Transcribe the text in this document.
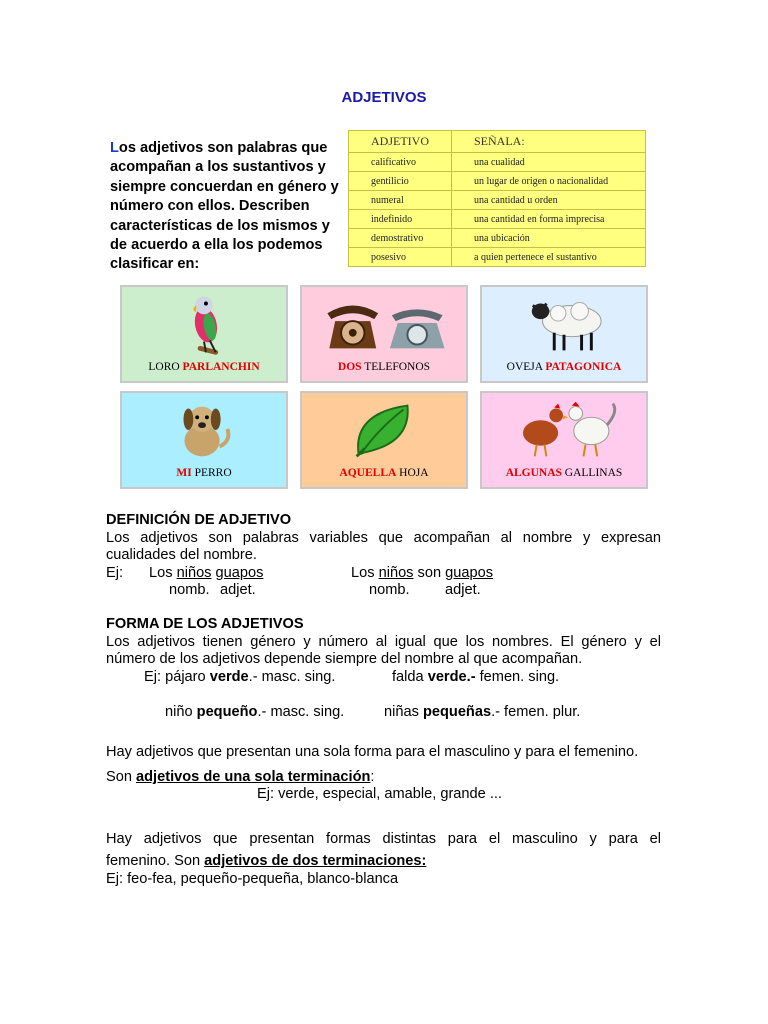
ADJETIVOS
Los adjetivos son palabras que acompañan a los sustantivos y siempre concuerdan en género y número con ellos. Describen características de los mismos y de acuerdo a ella los podemos clasificar en:
ADJETIVO	SEÑALA:
calificativo	una cualidad
gentilicio	un lugar de origen o nacionalidad
numeral	una cantidad u orden
indefinido	una cantidad en forma imprecisa
demostrativo	una ubicación
posesivo	a quien pertenece el sustantivo
LORO PARLANCHIN	DOS TELEFONOS	OVEJA PATAGONICA
MI PERRO	AQUELLA HOJA	ALGUNAS GALLINAS
DEFINICIÓN DE ADJETIVO
Los adjetivos son palabras variables que acompañan al nombre y expresan
cualidades del nombre.
Ej: Los niños guapos	Los niños son guapos
nomb. adjet.	nomb. adjet.
FORMA DE LOS ADJETIVOS
Los adjetivos tienen género y número al igual que los nombres. El género y el
número de los adjetivos depende siempre del nombre al que acompañan.
Ej: pájaro verde.- masc. sing.	falda verde.- femen. sing.
niño pequeño.- masc. sing.	niñas pequeñas.- femen. plur.
Hay adjetivos que presentan una sola forma para el masculino y para el femenino.
Son adjetivos de una sola terminación:
Ej: verde, especial, amable, grande ...
Hay adjetivos que presentan formas distintas para el masculino y para el
femenino. Son adjetivos de dos terminaciones:
Ej: feo-fea, pequeño-pequeña, blanco-blanca
